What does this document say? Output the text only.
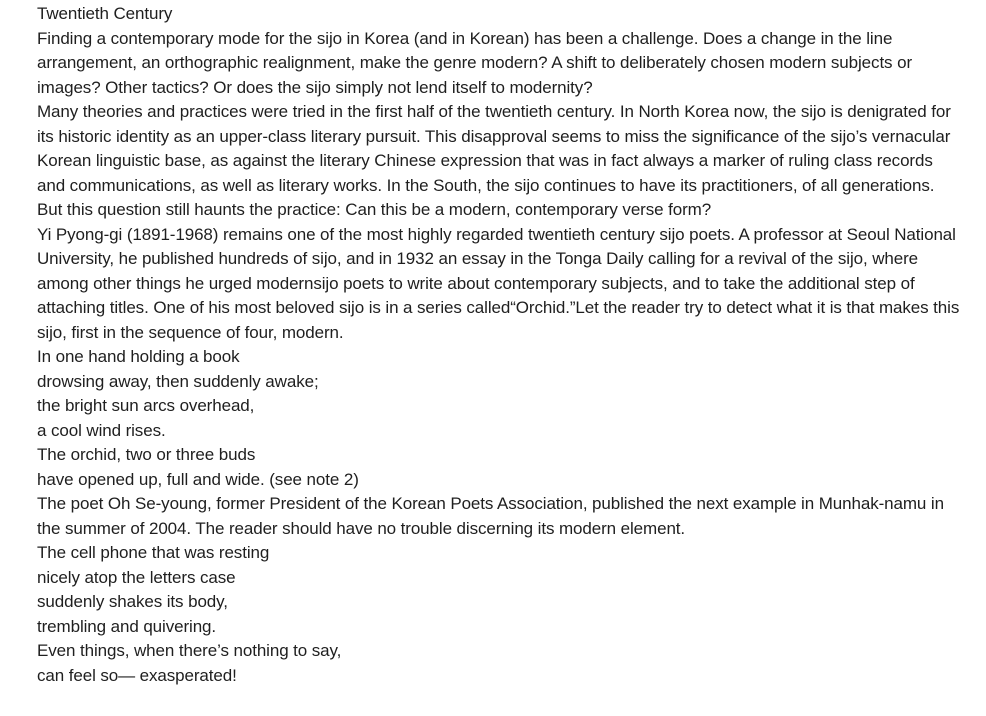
Twentieth Century

Finding a contemporary mode for the sijo in Korea (and in Korean) has been a challenge. Does a change in the line arrangement, an orthographic realignment, make the genre modern? A shift to deliberately chosen modern subjects or images? Other tactics? Or does the sijo simply not lend itself to modernity?

Many theories and practices were tried in the first half of the twentieth century. In North Korea now, the sijo is denigrated for its historic identity as an upper-class literary pursuit. This disapproval seems to miss the significance of the sijo’s vernacular Korean linguistic base, as against the literary Chinese expression that was in fact always a marker of ruling class records and communications, as well as literary works. In the South, the sijo continues to have its practitioners, of all generations. But this question still haunts the practice: Can this be a modern, contemporary verse form?

Yi Pyong-gi (1891-1968) remains one of the most highly regarded twentieth century sijo poets. A professor at Seoul National University, he published hundreds of sijo, and in 1932 an essay in the Tonga Daily calling for a revival of the sijo, where among other things he urged modernsijo poets to write about contemporary subjects, and to take the additional step of attaching titles. One of his most beloved sijo is in a series called“Orchid.”Let the reader try to detect what it is that makes this sijo, first in the sequence of four, modern.

In one hand holding a book
drowsing away, then suddenly awake;
the bright sun arcs overhead,
a cool wind rises.
The orchid, two or three buds
have opened up, full and wide. (see note 2)

The poet Oh Se-young, former President of the Korean Poets Association, published the next example in Munhak-namu in the summer of 2004. The reader should have no trouble discerning its modern element.

The cell phone that was resting
nicely atop the letters case
suddenly shakes its body,
trembling and quivering.
Even things, when there’s nothing to say,
can feel so— exasperated!
